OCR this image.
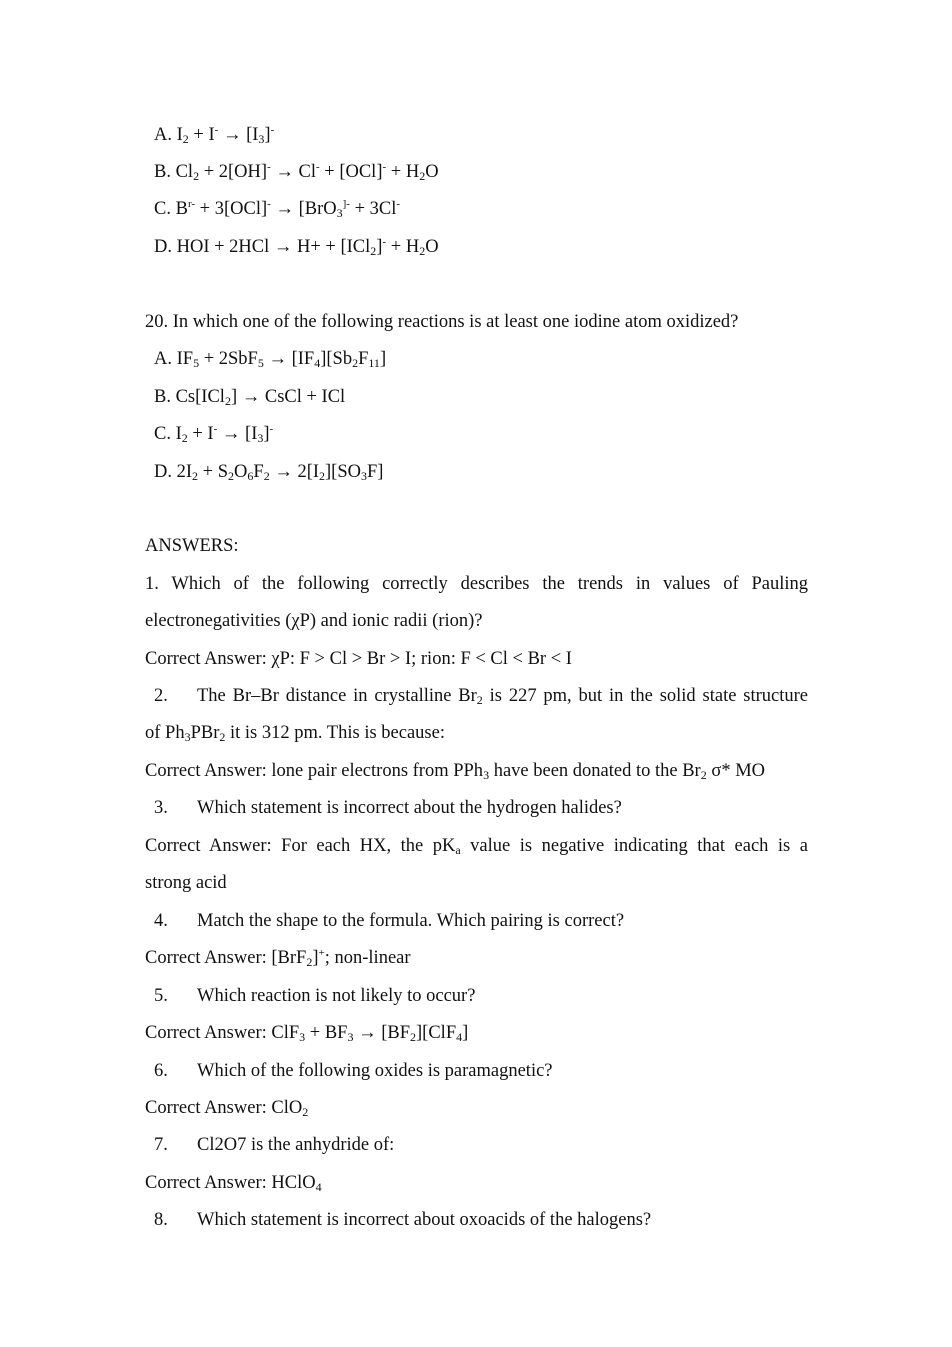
A. $I_2 + I^- \to [I_3]^-$
B. $Cl_2 + 2[OH]^- \to Cl^- + [OCl]^- + H_2O$
C. $B^{r-} + 3[OCl]^- \to [BrO_3^{]-} + 3Cl^-$
D. HOI + $2HCl \to H+ + [ICl_2]^- + H_2O$
20. In which one of the following reactions is at least one iodine atom oxidized?
A. $IF_5 + 2SbF_5 \to [IF_4][Sb_2F_{11}]$
B. Cs[ICl$_2$] → CsCl + ICl
C. $I_2 + I^- \to [I_3]^-$
D. $2I_2 + S_2O_6F_2 \to 2[I_2][SO_3F]$
ANSWERS:
1. Which of the following correctly describes the trends in values of Pauling
electronegativities (χP) and ionic radii (rion)?
Correct Answer: χP: F > Cl > Br > I; rion: F < Cl < Br < I
2. The Br–Br distance in crystalline $Br_2$ is 227 pm, but in the solid state structure
of $Ph_3PBr_2$ it is 312 pm. This is because:
Correct Answer: lone pair electrons from PPh$_3$ have been donated to the $Br_2$ σ* MO
3. Which statement is incorrect about the hydrogen halides?
Correct Answer: For each HX, the $pK_a$ value is negative indicating that each is a
strong acid
4. Match the shape to the formula. Which pairing is correct?
Correct Answer: [BrF$_2$]+; non-linear
5. Which reaction is not likely to occur?
Correct Answer: $ClF_3 + BF_3 \to [BF_2][ClF_4]$
6. Which of the following oxides is paramagnetic?
Correct Answer: ClO$_2$
7. Cl2O7 is the anhydride of:
Correct Answer: HClO$_4$
8. Which statement is incorrect about oxoacids of the halogens?
